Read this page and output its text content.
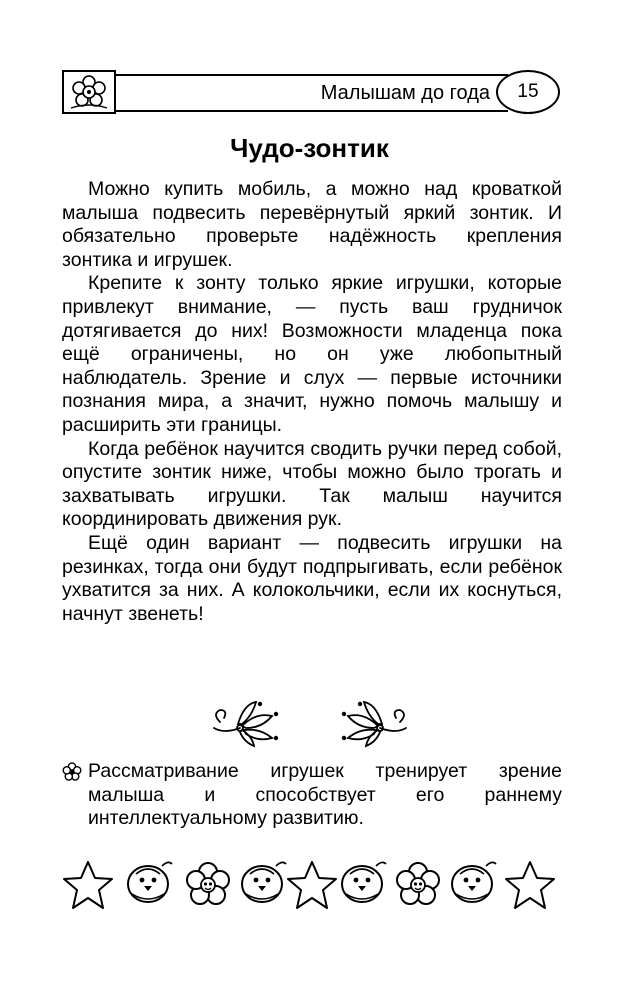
Малышам до года 15
Чудо-зонтик

Можно купить мобиль, а можно над кроваткой малыша подвесить перевёрнутый яркий зонтик. И обязательно проверьте надёжность крепления зонтика и игрушек.

Крепите к зонту только яркие игрушки, которые привлекут внимание, — пусть ваш грудничок дотягивается до них! Возможности младенца пока ещё ограничены, но он уже любопытный наблюдатель. Зрение и слух — первые источники познания мира, а значит, нужно помочь малышу и расширить эти границы.

Когда ребёнок научится сводить ручки перед собой, опустите зонтик ниже, чтобы можно было трогать и захватывать игрушки. Так малыш научится координировать движения рук.

Ещё один вариант — подвесить игрушки на резинках, тогда они будут подпрыгивать, если ребёнок ухватится за них. А колокольчики, если их коснуться, начнут звенеть!

Рассматривание игрушек тренирует зрение малыша и способствует его раннему интеллектуальному развитию.
